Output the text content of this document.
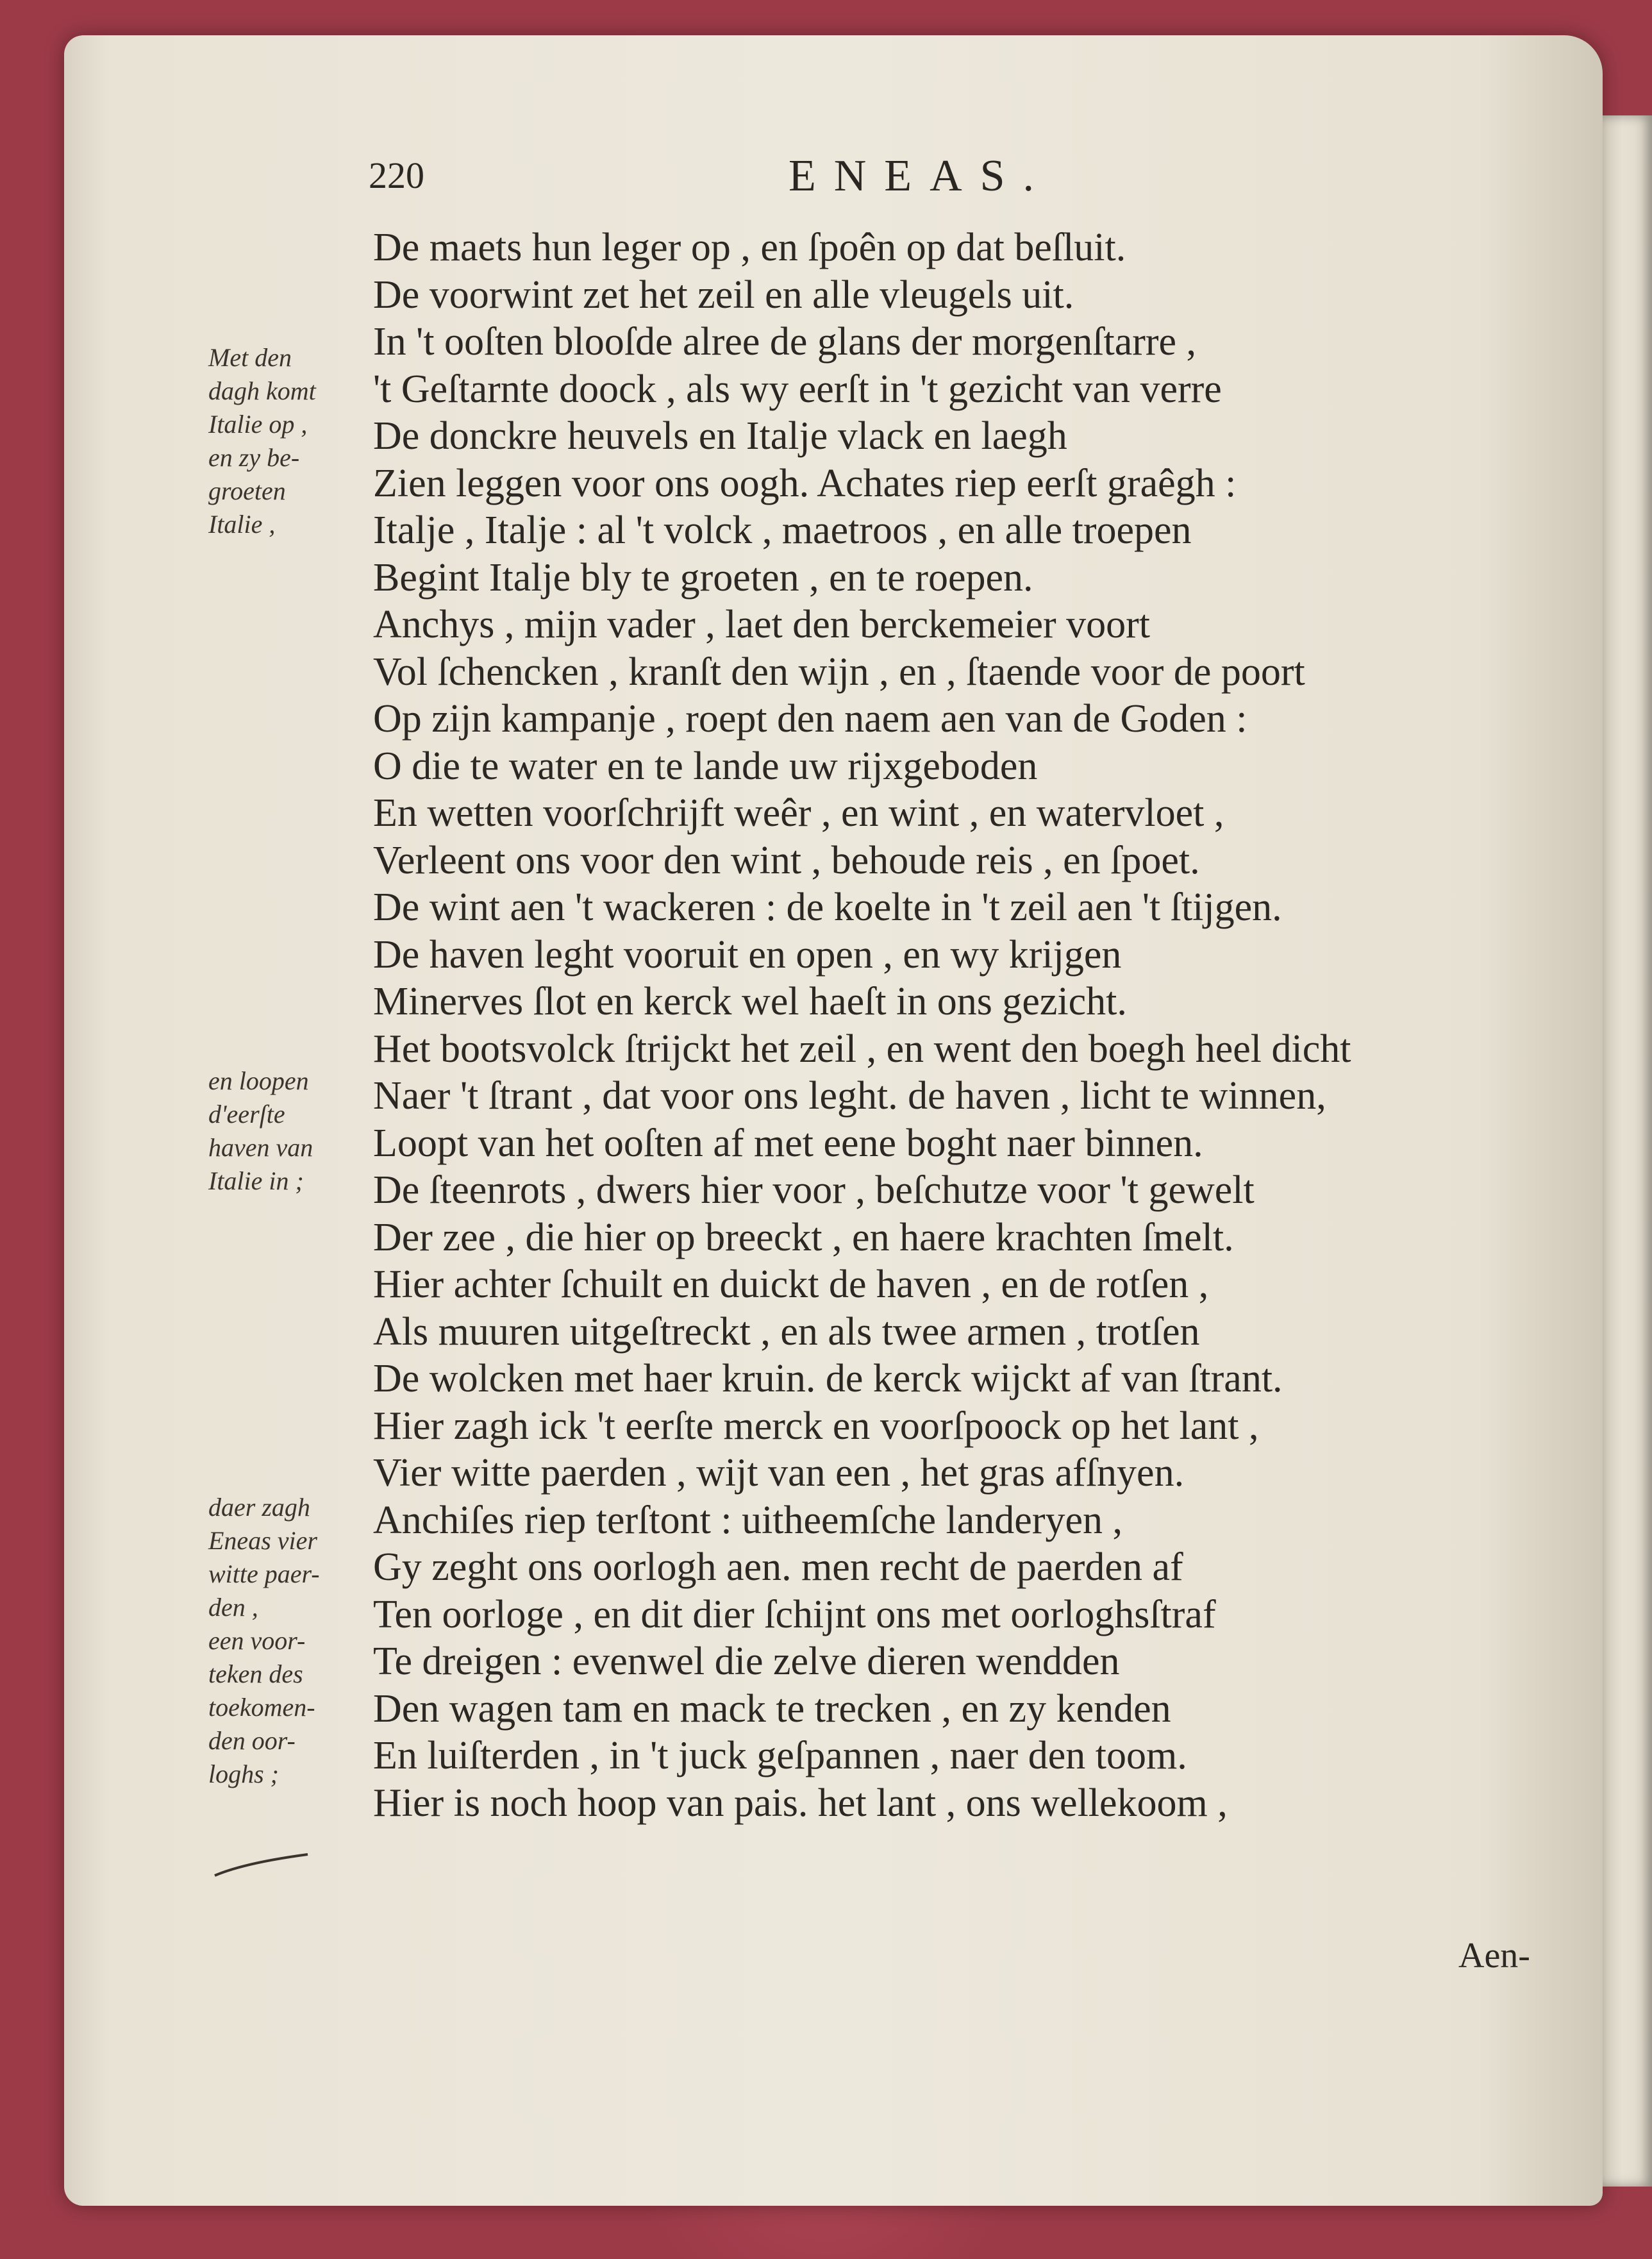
220	ENEAS.

Met den
dagh komt
Italie op ,
en zy be-
groeten
Italie ,
en loopen
d'eerſte
haven van
Italie in ;
daer zagh
Eneas vier
witte paer-
den ,
een voor-
teken des
toekomen-
den oor-
loghs ;
De maets hun leger op , en ſpoên op dat beſluit.
De voorwint zet het zeil en alle vleugels uit.
In 't ooſten blooſde alree de glans der morgenſtarre ,
't Geſtarnte doock , als wy eerſt in 't gezicht van verre
De donckre heuvels en Italje vlack en laegh
Zien leggen voor ons oogh. Achates riep eerſt graêgh :
Italje , Italje : al 't volck , maetroos , en alle troepen
Begint Italje bly te groeten , en te roepen.
Anchys , mijn vader , laet den berckemeier voort
Vol ſchencken , kranſt den wijn , en , ſtaende voor de poort
Op zijn kampanje , roept den naem aen van de Goden :
O die te water en te lande uw rijxgeboden
En wetten voorſchrijft weêr , en wint , en watervloet ,
Verleent ons voor den wint , behoude reis , en ſpoet.
De wint aen 't wackeren : de koelte in 't zeil aen 't ſtijgen.
De haven leght vooruit en open , en wy krijgen
Minerves ſlot en kerck wel haeſt in ons gezicht.
Het bootsvolck ſtrijckt het zeil , en went den boegh heel dicht
Naer 't ſtrant , dat voor ons leght. de haven , licht te winnen,
Loopt van het ooſten af met eene boght naer binnen.
De ſteenrots , dwers hier voor , beſchutze voor 't gewelt
Der zee , die hier op breeckt , en haere krachten ſmelt.
Hier achter ſchuilt en duickt de haven , en de rotſen ,
Als muuren uitgeſtreckt , en als twee armen , trotſen
De wolcken met haer kruin. de kerck wijckt af van ſtrant.
Hier zagh ick 't eerſte merck en voorſpoock op het lant ,
Vier witte paerden , wijt van een , het gras afſnyen.
Anchiſes riep terſtont : uitheemſche landeryen ,
Gy zeght ons oorlogh aen. men recht de paerden af
Ten oorloge , en dit dier ſchijnt ons met oorloghsſtraf
Te dreigen : evenwel die zelve dieren wendden
Den wagen tam en mack te trecken , en zy kenden
En luiſterden , in 't juck geſpannen , naer den toom.
Hier is noch hoop van pais. het lant , ons wellekoom ,

Aen-
